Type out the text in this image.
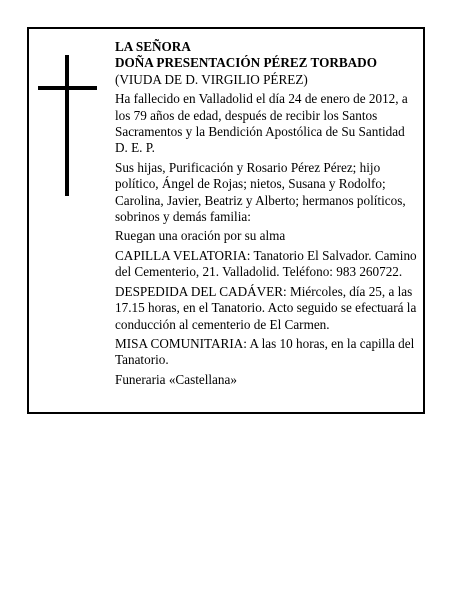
LA SEÑORA
DOÑA PRESENTACIÓN PÉREZ TORBADO

(VIUDA DE D. VIRGILIO PÉREZ)

Ha fallecido en Valladolid el día 24 de enero de 2012, a los 79 años de edad, después de recibir los Santos Sacramentos y la Bendición Apostólica de Su Santidad D. E. P.

Sus hijas, Purificación y Rosario Pérez Pérez; hijo político, Ángel de Rojas; nietos, Susana y Rodolfo; Carolina, Javier, Beatriz y Alberto; hermanos políticos, sobrinos y demás familia:

Ruegan una oración por su alma

CAPILLA VELATORIA: Tanatorio El Salvador. Camino del Cementerio, 21. Valladolid. Teléfono: 983 260722.

DESPEDIDA DEL CADÁVER: Miércoles, día 25, a las 17.15 horas, en el Tanatorio. Acto seguido se efectuará la conducción al cementerio de El Carmen.

MISA COMUNITARIA: A las 10 horas, en la capilla del Tanatorio.

Funeraria «Castellana»
